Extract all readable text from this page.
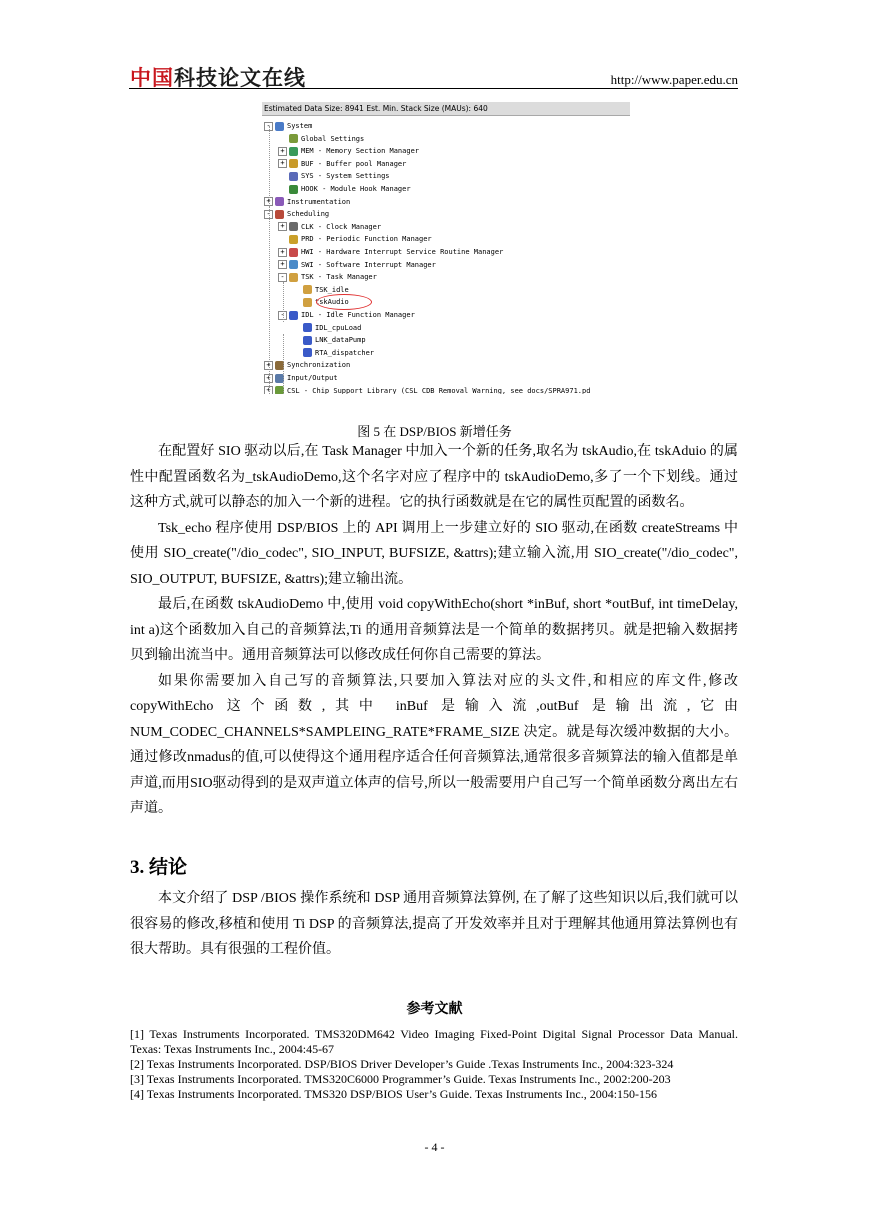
中国科技论文在线	http://www.paper.edu.cn
Estimated Data Size: 8941 Est. Min. Stack Size (MAUs): 640
- System
Global Settings
+ MEM - Memory Section Manager
+ BUF - Buffer pool Manager
SYS - System Settings
HOOK - Module Hook Manager
+ Instrumentation
- Scheduling
+ CLK - Clock Manager
PRD - Periodic Function Manager
+ HWI - Hardware Interrupt Service Routine Manager
+ SWI - Software Interrupt Manager
- TSK - Task Manager
TSK_idle
tskAudio
- IDL - Idle Function Manager
IDL_cpuLoad
LNK_dataPump
RTA_dispatcher
+ Synchronization
+ Input/Output
+ CSL - Chip Support Library (CSL CDB Removal Warning, see docs/SPRA971.pd
图 5 在 DSP/BIOS 新增任务

在配置好 SIO 驱动以后,在 Task Manager 中加入一个新的任务,取名为 tskAudio,在 tskAduio 的属性中配置函数名为_tskAudioDemo,这个名字对应了程序中的 tskAudioDemo,多了一个下划线。通过这种方式,就可以静态的加入一个新的进程。它的执行函数就是在它的属性页配置的函数名。

Tsk_echo 程序使用 DSP/BIOS 上的 API 调用上一步建立好的 SIO 驱动,在函数 createStreams 中使用 SIO_create("/dio_codec", SIO_INPUT, BUFSIZE, &attrs);建立输入流,用 SIO_create("/dio_codec", SIO_OUTPUT, BUFSIZE, &attrs);建立输出流。

最后,在函数 tskAudioDemo 中,使用 void copyWithEcho(short *inBuf, short *outBuf, int timeDelay, int a)这个函数加入自己的音频算法,Ti 的通用音频算法是一个简单的数据拷贝。就是把输入数据拷贝到输出流当中。通用音频算法可以修改成任何你自己需要的算法。

如果你需要加入自己写的音频算法,只要加入算法对应的头文件,和相应的库文件,修改 copyWithEcho 这个函数,其中 inBuf 是输入流,outBuf 是输出流,它由 NUM_CODEC_CHANNELS*SAMPLEING_RATE*FRAME_SIZE 决定。就是每次缓冲数据的大小。通过修改nmadus的值,可以使得这个通用程序适合任何音频算法,通常很多音频算法的输入值都是单声道,而用SIO驱动得到的是双声道立体声的信号,所以一般需要用户自己写一个简单函数分离出左右声道。

3. 结论

本文介绍了 DSP /BIOS 操作系统和 DSP 通用音频算法算例, 在了解了这些知识以后,我们就可以很容易的修改,移植和使用 Ti DSP 的音频算法,提高了开发效率并且对于理解其他通用算法算例也有很大帮助。具有很强的工程价值。

参考文献
[1] Texas Instruments Incorporated. TMS320DM642 Video Imaging Fixed-Point Digital Signal Processor Data Manual. Texas: Texas Instruments Inc., 2004:45-67
[2] Texas Instruments Incorporated. DSP/BIOS Driver Developer’s Guide .Texas Instruments Inc., 2004:323-324
[3] Texas Instruments Incorporated. TMS320C6000 Programmer’s Guide. Texas Instruments Inc., 2002:200-203
[4] Texas Instruments Incorporated. TMS320 DSP/BIOS User’s Guide. Texas Instruments Inc., 2004:150-156
- 4 -
